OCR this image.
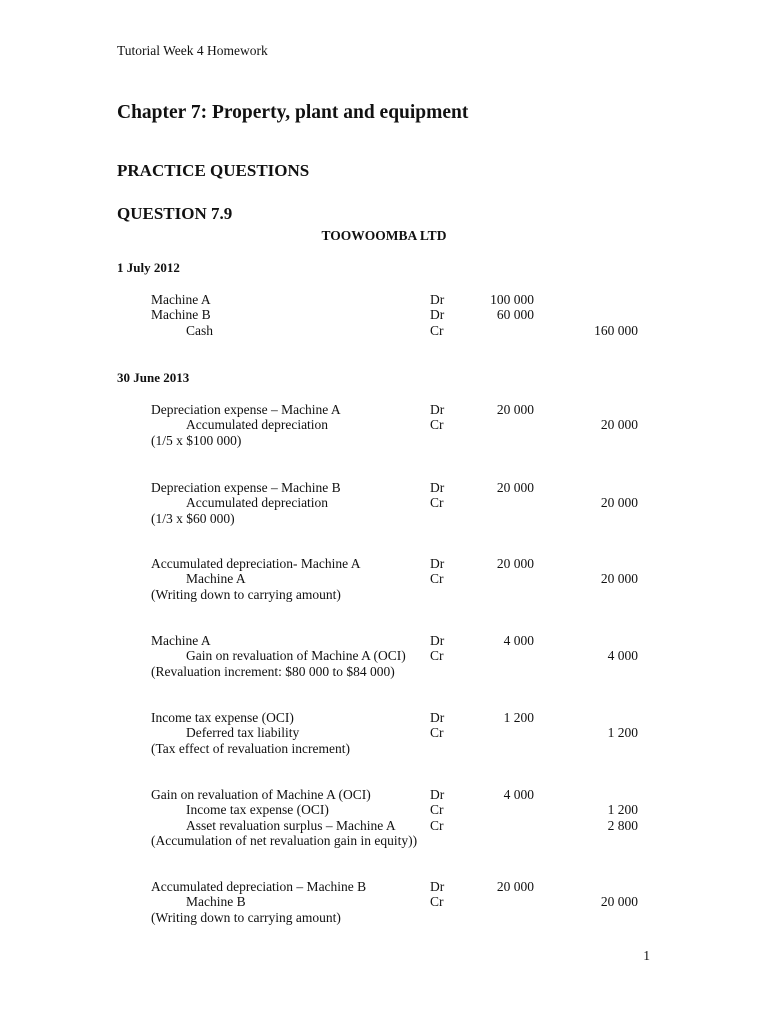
Tutorial Week 4 Homework
Chapter 7: Property, plant and equipment
PRACTICE QUESTIONS
QUESTION 7.9
TOOWOOMBA LTD
1 July 2012
30 June 2013
Machine A	Dr	100 000
Machine B	Dr	60 000
Cash	Cr	160 000
Depreciation expense – Machine A	Dr	20 000
Accumulated depreciation	Cr	20 000
(1/5 x $100 000)
Depreciation expense – Machine B	Dr	20 000
Accumulated depreciation	Cr	20 000
(1/3 x $60 000)
Accumulated depreciation- Machine A	Dr	20 000
Machine A	Cr	20 000
(Writing down to carrying amount)
Machine A	Dr	4 000
Gain on revaluation of Machine A (OCI) Cr	4 000
(Revaluation increment: $80 000 to $84 000)
Income tax expense (OCI)	Dr	1 200
Deferred tax liability	Cr	1 200
(Tax effect of revaluation increment)
Gain on revaluation of Machine A (OCI)	Dr	4 000
Income tax expense (OCI)	Cr	1 200
Asset revaluation surplus – Machine A	Cr	2 800
(Accumulation of net revaluation gain in equity))
Accumulated depreciation – Machine B	Dr	20 000
Machine B	Cr	20 000
(Writing down to carrying amount)
1
